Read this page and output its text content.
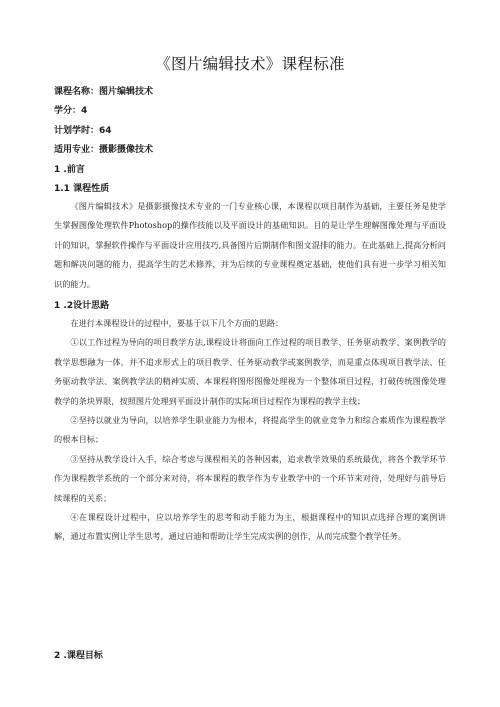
《图片编辑技术》课程标准
课程名称：图片编辑技术
学分：4
计划学时：64
适用专业：摄影摄像技术
1 .前言
1.1 课程性质

《图片编辑技术》是摄影摄像技术专业的一门专业核心课，本课程以项目制作为基础，主要任务是使学生掌握图像处理软件Photoshop的操作技能以及平面设计的基础知识。目的是让学生理解图像处理与平面设计的知识，掌握软件操作与平面设计应用技巧,具备图片后期制作和图文混排的能力。在此基础上,提高分析问题和解决问题的能力，提高学生的艺术修养，并为后续的专业课程奠定基础，使他们具有进一步学习相关知识的能力。

1 .2设计思路

在进行本课程设计的过程中，要基于以下几个方面的思路：

①以工作过程为导向的项目教学方法,课程设计将面向工作过程的项目教学、任务驱动教学、案例教学的教学思想融为一体，并不追求形式上的项目教学、任务驱动教学或案例教学，而是重点体现项目教学法、任务驱动教学法、案例教学法的精神实质、本课程将图形图像处理视为一个整体项目过程，打破传统图像处理教学的条块界限，按照图片处理到平面设计制作的实际项目过程作为课程的教学主线；

②坚持以就业为导向，以培养学生职业能力为根本，将提高学生的就业竞争力和综合素质作为课程教学的根本目标；

③坚持从教学设计入手，综合考虑与课程相关的各种因素，追求教学效果的系统最优，将各个教学环节作为课程教学系统的一个部分来对待，将本课程的教学作为专业教学中的一个环节来对待，处理好与前导后续课程的关系；

④在课程设计过程中，应以培养学生的思考和动手能力为主，根据课程中的知识点选择合理的案例讲解，通过布置实例让学生思考，通过启迪和帮助让学生完成实例的创作，从而完成整个教学任务。

2 .课程目标
